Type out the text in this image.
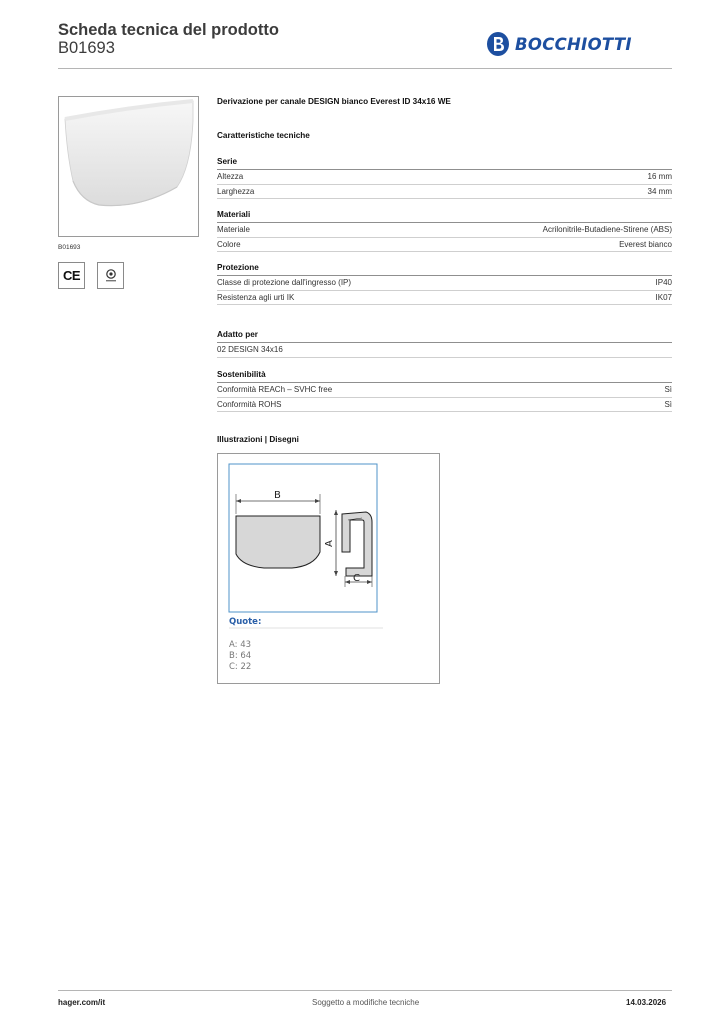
Scheda tecnica del prodotto
B01693	BOCCHIOTTI
B01693
CE
Derivazione per canale DESIGN bianco Everest ID 34x16 WE
Caratteristiche tecniche
Serie
Altezza	16 mm
Larghezza	34 mm
Materiali
Materiale	Acrilonitrile-Butadiene-Stirene (ABS)
Colore	Everest bianco
Protezione
Classe di protezione dall'ingresso (IP)	IP40
Resistenza agli urti IK	IK07
Adatto per
02 DESIGN 34x16
Sostenibilità
Conformità REACh – SVHC free	Sì
Conformità ROHS	Sì
Illustrazioni | Disegni
B
A
C
Quote:
A: 43
B: 64
C: 22
hager.com/it	Soggetto a modifiche tecniche	14.03.2026
